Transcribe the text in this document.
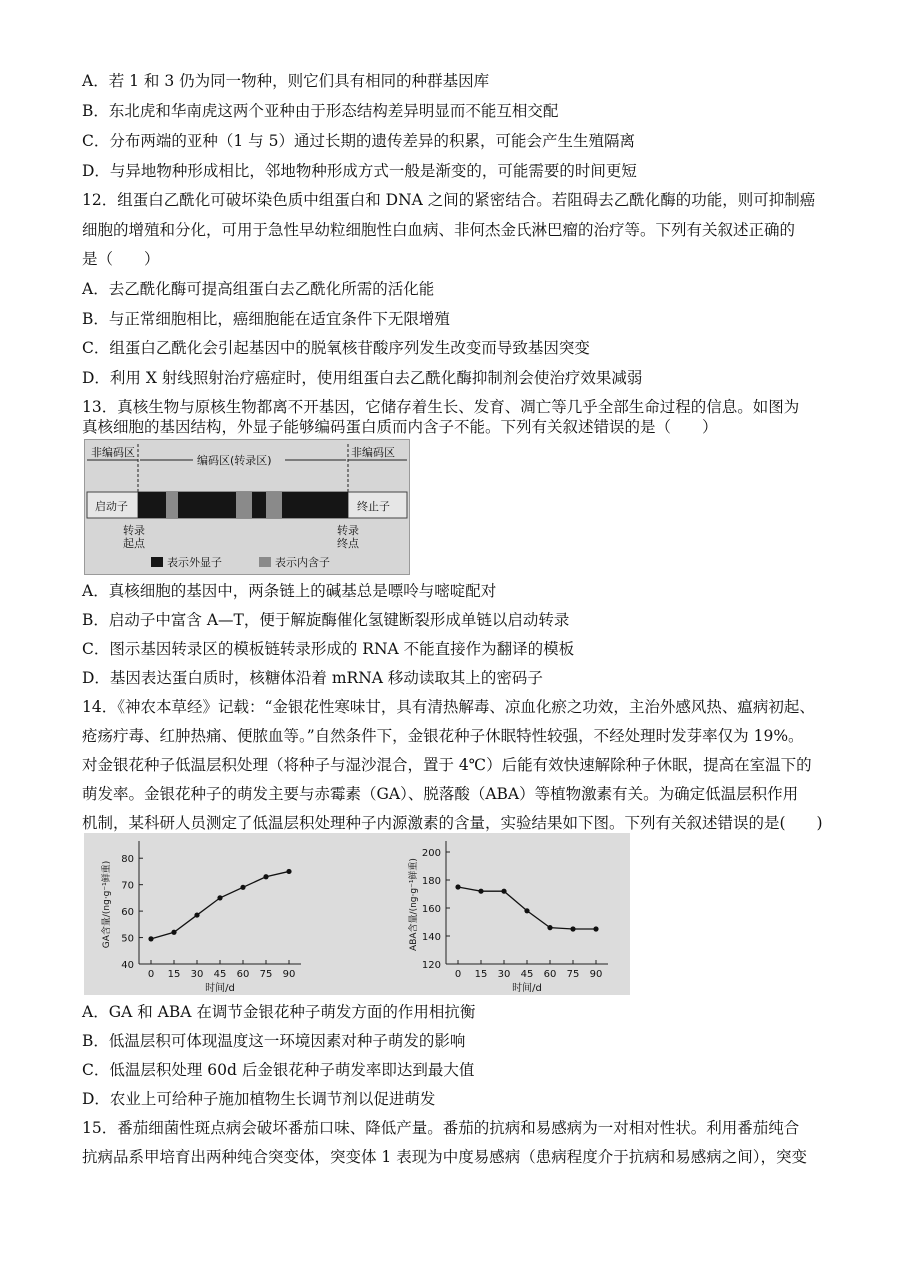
A．若 1 和 3 仍为同一物种，则它们具有相同的种群基因库
B．东北虎和华南虎这两个亚种由于形态结构差异明显而不能互相交配
C．分布两端的亚种（1 与 5）通过长期的遗传差异的积累，可能会产生生殖隔离
D．与异地物种形成相比，邻地物种形成方式一般是渐变的，可能需要的时间更短
12．组蛋白乙酰化可破坏染色质中组蛋白和 DNA 之间的紧密结合。若阻碍去乙酰化酶的功能，则可抑制癌
细胞的增殖和分化，可用于急性早幼粒细胞性白血病、非何杰金氏淋巴瘤的治疗等。下列有关叙述正确的
是（　　）
A．去乙酰化酶可提高组蛋白去乙酰化所需的活化能
B．与正常细胞相比，癌细胞能在适宜条件下无限增殖
C．组蛋白乙酰化会引起基因中的脱氧核苷酸序列发生改变而导致基因突变
D．利用 X 射线照射治疗癌症时，使用组蛋白去乙酰化酶抑制剂会使治疗效果减弱
13．真核生物与原核生物都离不开基因，它储存着生长、发育、凋亡等几乎全部生命过程的信息。如图为
真核细胞的基因结构，外显子能够编码蛋白质而内含子不能。下列有关叙述错误的是（　　）
非编码区
编码区(转录区)
非编码区
启动子	终止子
转录
起点
转录
终点
表示外显子	表示内含子
A．真核细胞的基因中，两条链上的碱基总是嘌呤与嘧啶配对
B．启动子中富含 A—T，便于解旋酶催化氢键断裂形成单链以启动转录
C．图示基因转录区的模板链转录形成的 RNA 不能直接作为翻译的模板
D．基因表达蛋白质时，核糖体沿着 mRNA 移动读取其上的密码子
14．《神农本草经》记载：“金银花性寒味甘，具有清热解毒、凉血化瘀之功效，主治外感风热、瘟病初起、
疮疡疔毒、红肿热痛、便脓血等。”自然条件下，金银花种子休眠特性较强，不经处理时发芽率仅为 19%。
对金银花种子低温层积处理（将种子与湿沙混合，置于 4℃）后能有效快速解除种子休眠，提高在室温下的
萌发率。金银花种子的萌发主要与赤霉素（GA）、脱落酸（ABA）等植物激素有关。为确定低温层积作用
机制，某科研人员测定了低温层积处理种子内源激素的含量，实验结果如下图。下列有关叙述错误的是(　　)
40
50
60
70
80
0 15 30 45 60 75 90
时间/d
GA含量/(ng·g⁻¹鲜重)
120
140
160
180
200
0 15 30 45 60 75 90
时间/d
ABA含量/(ng·g⁻¹鲜重)
A．GA 和 ABA 在调节金银花种子萌发方面的作用相抗衡
B．低温层积可体现温度这一环境因素对种子萌发的影响
C．低温层积处理 60d 后金银花种子萌发率即达到最大值
D．农业上可给种子施加植物生长调节剂以促进萌发
15．番茄细菌性斑点病会破坏番茄口味、降低产量。番茄的抗病和易感病为一对相对性状。利用番茄纯合
抗病品系甲培育出两种纯合突变体，突变体 1 表现为中度易感病（患病程度介于抗病和易感病之间），突变
